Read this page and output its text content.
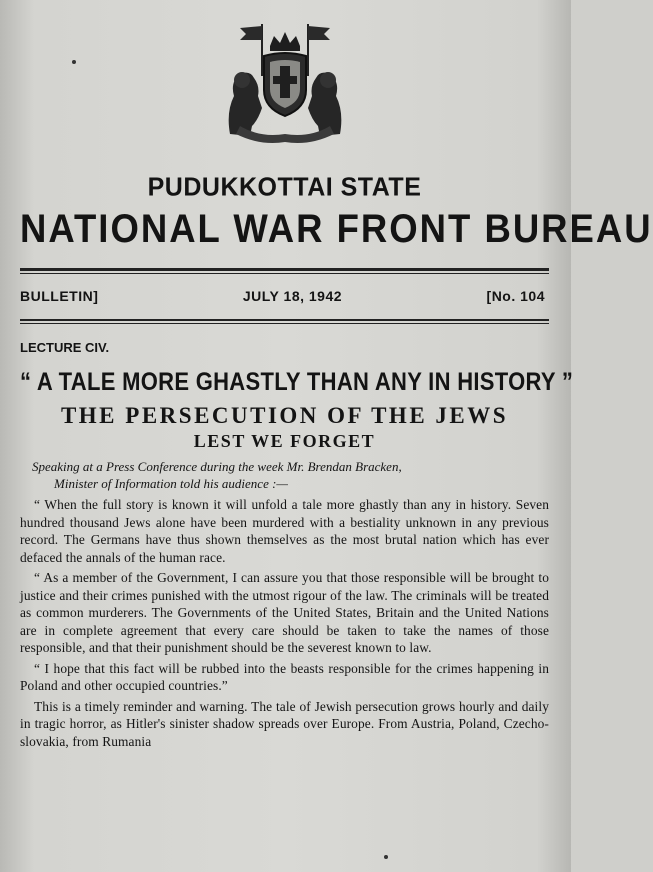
PUDUKKOTTAI STATE
NATIONAL WAR FRONT BUREAU
BULLETIN]	JULY 18, 1942	[No. 104
LECTURE CIV.
“ A TALE MORE GHASTLY THAN ANY IN HISTORY ”
THE PERSECUTION OF THE JEWS
LEST WE FORGET
Speaking at a Press Conference during the week Mr. Brendan Bracken,
Minister of Information told his audience :—

“ When the full story is known it will unfold a tale more ghastly than any in history. Seven hundred thousand Jews alone have been murdered with a bestiality unknown in any previous record. The Germans have thus shown themselves as the most brutal nation which has ever defaced the annals of the human race.

“ As a member of the Government, I can assure you that those responsible will be brought to justice and their crimes punished with the utmost rigour of the law. The criminals will be treated as common murderers. The Governments of the United States, Britain and the United Nations are in complete agreement that every care should be taken to take the names of those responsible, and that their punishment should be the severest known to law.

“ I hope that this fact will be rubbed into the beasts responsible for the crimes happening in Poland and other occupied countries.”

This is a timely reminder and warning. The tale of Jewish persecution grows hourly and daily in tragic horror, as Hitler's sinister shadow spreads over Europe. From Austria, Poland, Czecho-slovakia, from Rumania
